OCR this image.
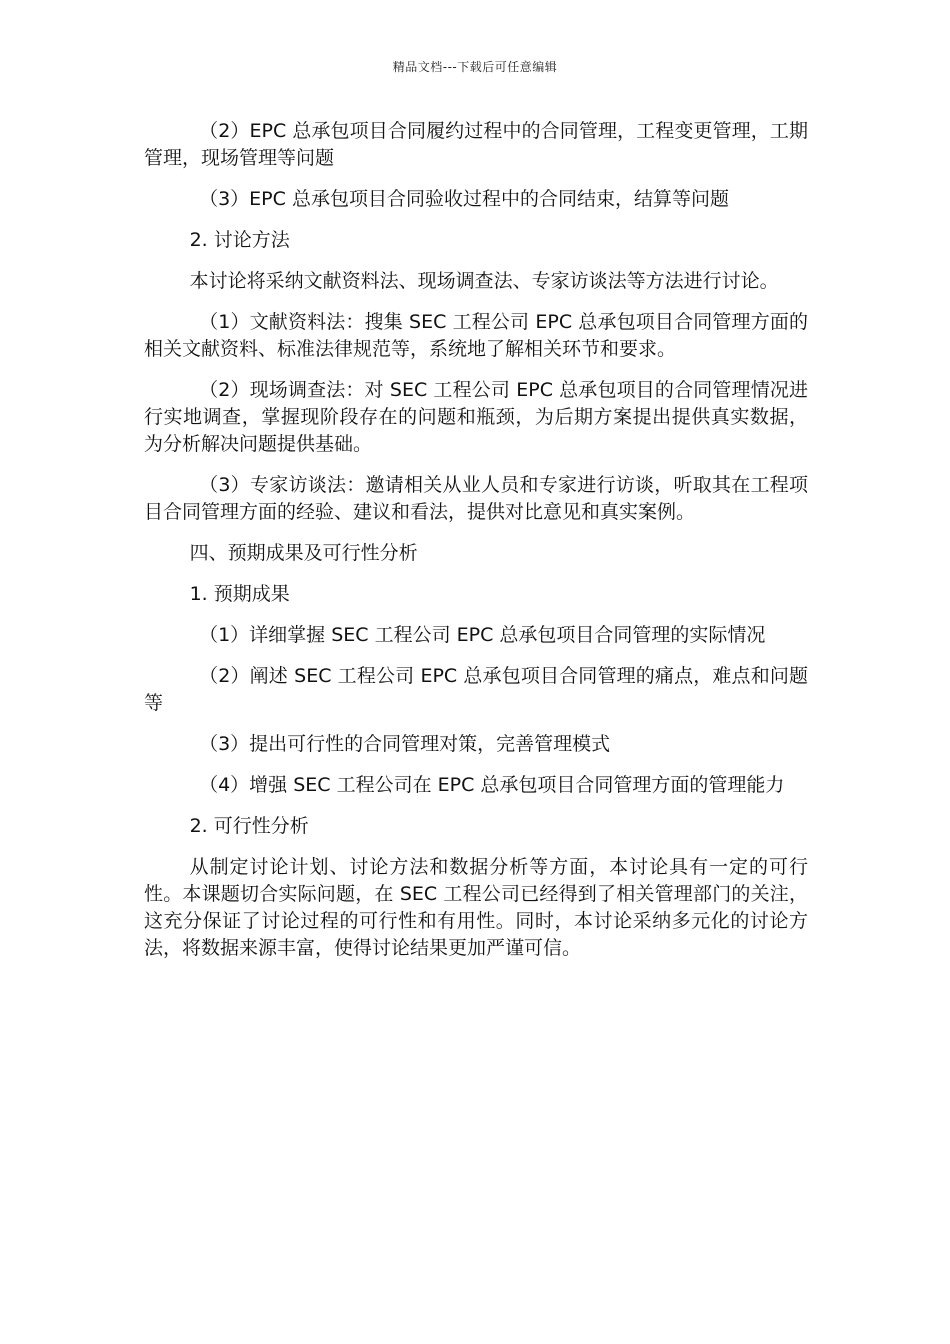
精品文档---下载后可任意编辑

（2）EPC 总承包项目合同履约过程中的合同管理，工程变更管理，工期管理，现场管理等问题

（3）EPC 总承包项目合同验收过程中的合同结束，结算等问题

2. 讨论方法

本讨论将采纳文献资料法、现场调查法、专家访谈法等方法进行讨论。

（1）文献资料法：搜集 SEC 工程公司 EPC 总承包项目合同管理方面的相关文献资料、标准法律规范等，系统地了解相关环节和要求。

（2）现场调查法：对 SEC 工程公司 EPC 总承包项目的合同管理情况进行实地调查，掌握现阶段存在的问题和瓶颈，为后期方案提出提供真实数据，为分析解决问题提供基础。

（3）专家访谈法：邀请相关从业人员和专家进行访谈，听取其在工程项目合同管理方面的经验、建议和看法，提供对比意见和真实案例。

四、预期成果及可行性分析

1. 预期成果

（1）详细掌握 SEC 工程公司 EPC 总承包项目合同管理的实际情况

（2）阐述 SEC 工程公司 EPC 总承包项目合同管理的痛点，难点和问题等

（3）提出可行性的合同管理对策，完善管理模式

（4）增强 SEC 工程公司在 EPC 总承包项目合同管理方面的管理能力

2. 可行性分析

从制定讨论计划、讨论方法和数据分析等方面，本讨论具有一定的可行性。本课题切合实际问题，在 SEC 工程公司已经得到了相关管理部门的关注，这充分保证了讨论过程的可行性和有用性。同时，本讨论采纳多元化的讨论方法，将数据来源丰富，使得讨论结果更加严谨可信。
